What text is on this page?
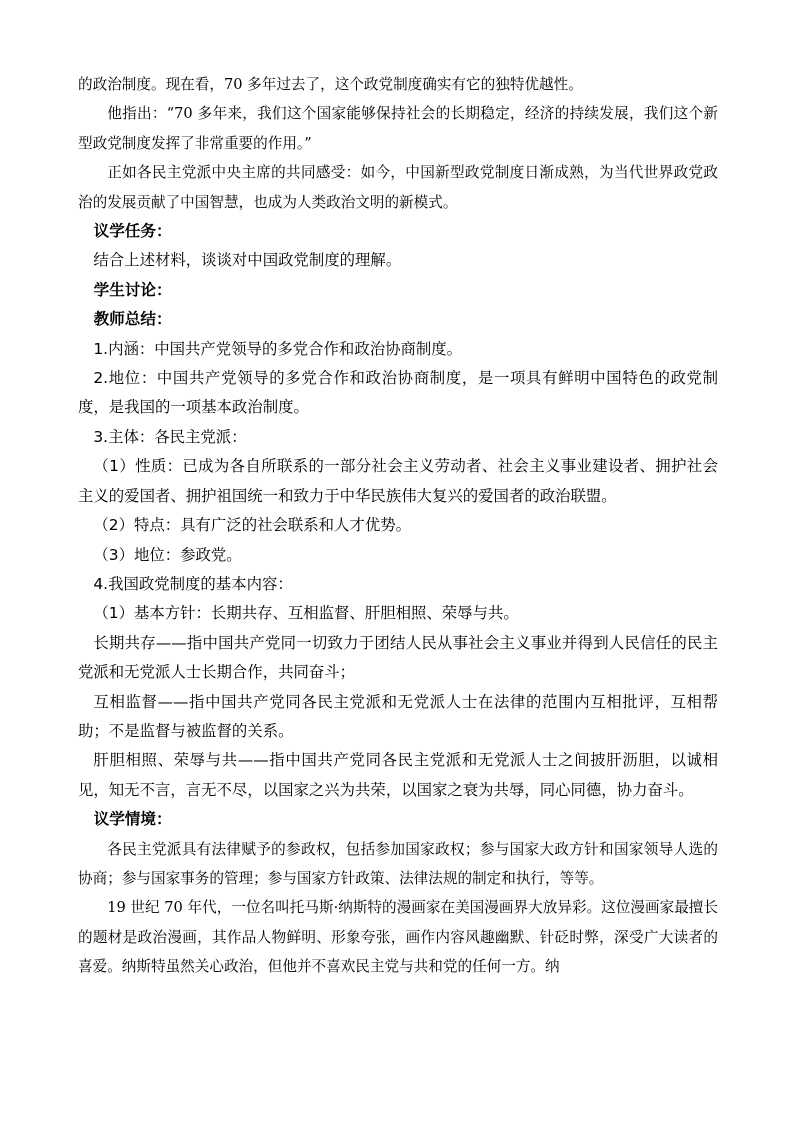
的政治制度。现在看，70 多年过去了，这个政党制度确实有它的独特优越性。

他指出：“70 多年来，我们这个国家能够保持社会的长期稳定，经济的持续发展，我们这个新型政党制度发挥了非常重要的作用。”

正如各民主党派中央主席的共同感受：如今，中国新型政党制度日渐成熟，为当代世界政党政治的发展贡献了中国智慧，也成为人类政治文明的新模式。

议学任务：

结合上述材料，谈谈对中国政党制度的理解。

学生讨论：

教师总结：

1.内涵：中国共产党领导的多党合作和政治协商制度。

2.地位：中国共产党领导的多党合作和政治协商制度，是一项具有鲜明中国特色的政党制度，是我国的一项基本政治制度。

3.主体：各民主党派：

（1）性质：已成为各自所联系的一部分社会主义劳动者、社会主义事业建设者、拥护社会主义的爱国者、拥护祖国统一和致力于中华民族伟大复兴的爱国者的政治联盟。

（2）特点：具有广泛的社会联系和人才优势。

（3）地位：参政党。

4.我国政党制度的基本内容：

（1）基本方针：长期共存、互相监督、肝胆相照、荣辱与共。

长期共存——指中国共产党同一切致力于团结人民从事社会主义事业并得到人民信任的民主党派和无党派人士长期合作，共同奋斗；

互相监督——指中国共产党同各民主党派和无党派人士在法律的范围内互相批评，互相帮助；不是监督与被监督的关系。

肝胆相照、荣辱与共——指中国共产党同各民主党派和无党派人士之间披肝沥胆，以诚相见，知无不言，言无不尽，以国家之兴为共荣，以国家之衰为共辱，同心同德，协力奋斗。

议学情境：

各民主党派具有法律赋予的参政权，包括参加国家政权；参与国家大政方针和国家领导人选的协商；参与国家事务的管理；参与国家方针政策、法律法规的制定和执行，等等。

19 世纪 70 年代，一位名叫托马斯·纳斯特的漫画家在美国漫画界大放异彩。这位漫画家最擅长的题材是政治漫画，其作品人物鲜明、形象夸张，画作内容风趣幽默、针砭时弊，深受广大读者的喜爱。纳斯特虽然关心政治，但他并不喜欢民主党与共和党的任何一方。纳
